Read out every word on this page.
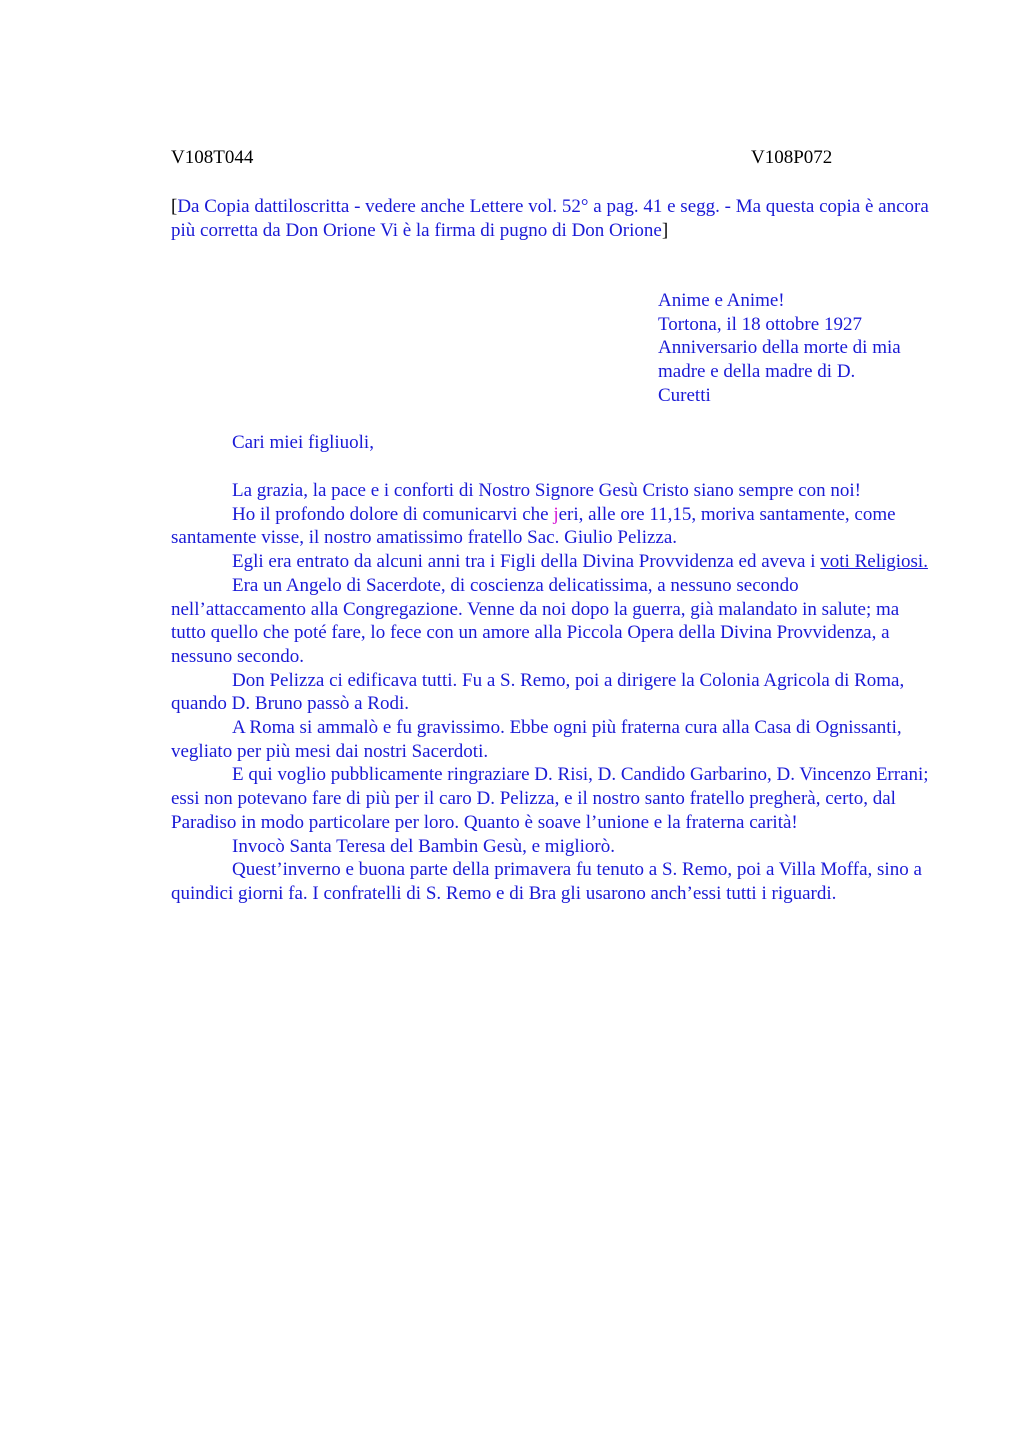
V108T044	V108P072
[Da Copia dattiloscritta - vedere anche Lettere vol. 52° a pag. 41 e segg. - Ma questa copia è ancora più corretta da Don Orione Vi è la firma di pugno di Don Orione]
Anime e Anime!
Tortona, il 18 ottobre 1927
Anniversario della morte di mia
madre e della madre di D.
Curetti
Cari miei figliuoli,

La grazia, la pace e i conforti di Nostro Signore Gesù Cristo siano sempre con noi!

Ho il profondo dolore di comunicarvi che jeri, alle ore 11,15, moriva santamente, come santamente visse, il nostro amatissimo fratello Sac. Giulio Pelizza.

Egli era entrato da alcuni anni tra i Figli della Divina Provvidenza ed aveva i voti Religiosi.

Era un Angelo di Sacerdote, di coscienza delicatissima, a nessuno secondo nell’attaccamento alla Congregazione. Venne da noi dopo la guerra, già malandato in salute; ma tutto quello che poté fare, lo fece con un amore alla Piccola Opera della Divina Provvidenza, a nessuno secondo.

Don Pelizza ci edificava tutti. Fu a S. Remo, poi a dirigere la Colonia Agricola di Roma, quando D. Bruno passò a Rodi.

A Roma si ammalò e fu gravissimo. Ebbe ogni più fraterna cura alla Casa di Ognissanti, vegliato per più mesi dai nostri Sacerdoti.

E qui voglio pubblicamente ringraziare D. Risi, D. Candido Garbarino, D. Vincenzo Errani; essi non potevano fare di più per il caro D. Pelizza, e il nostro santo fratello pregherà, certo, dal Paradiso in modo particolare per loro. Quanto è soave l’unione e la fraterna carità!

Invocò Santa Teresa del Bambin Gesù, e migliorò.

Quest’inverno e buona parte della primavera fu tenuto a S. Remo, poi a Villa Moffa, sino a quindici giorni fa. I confratelli di S. Remo e di Bra gli usarono anch’essi tutti i riguardi.
